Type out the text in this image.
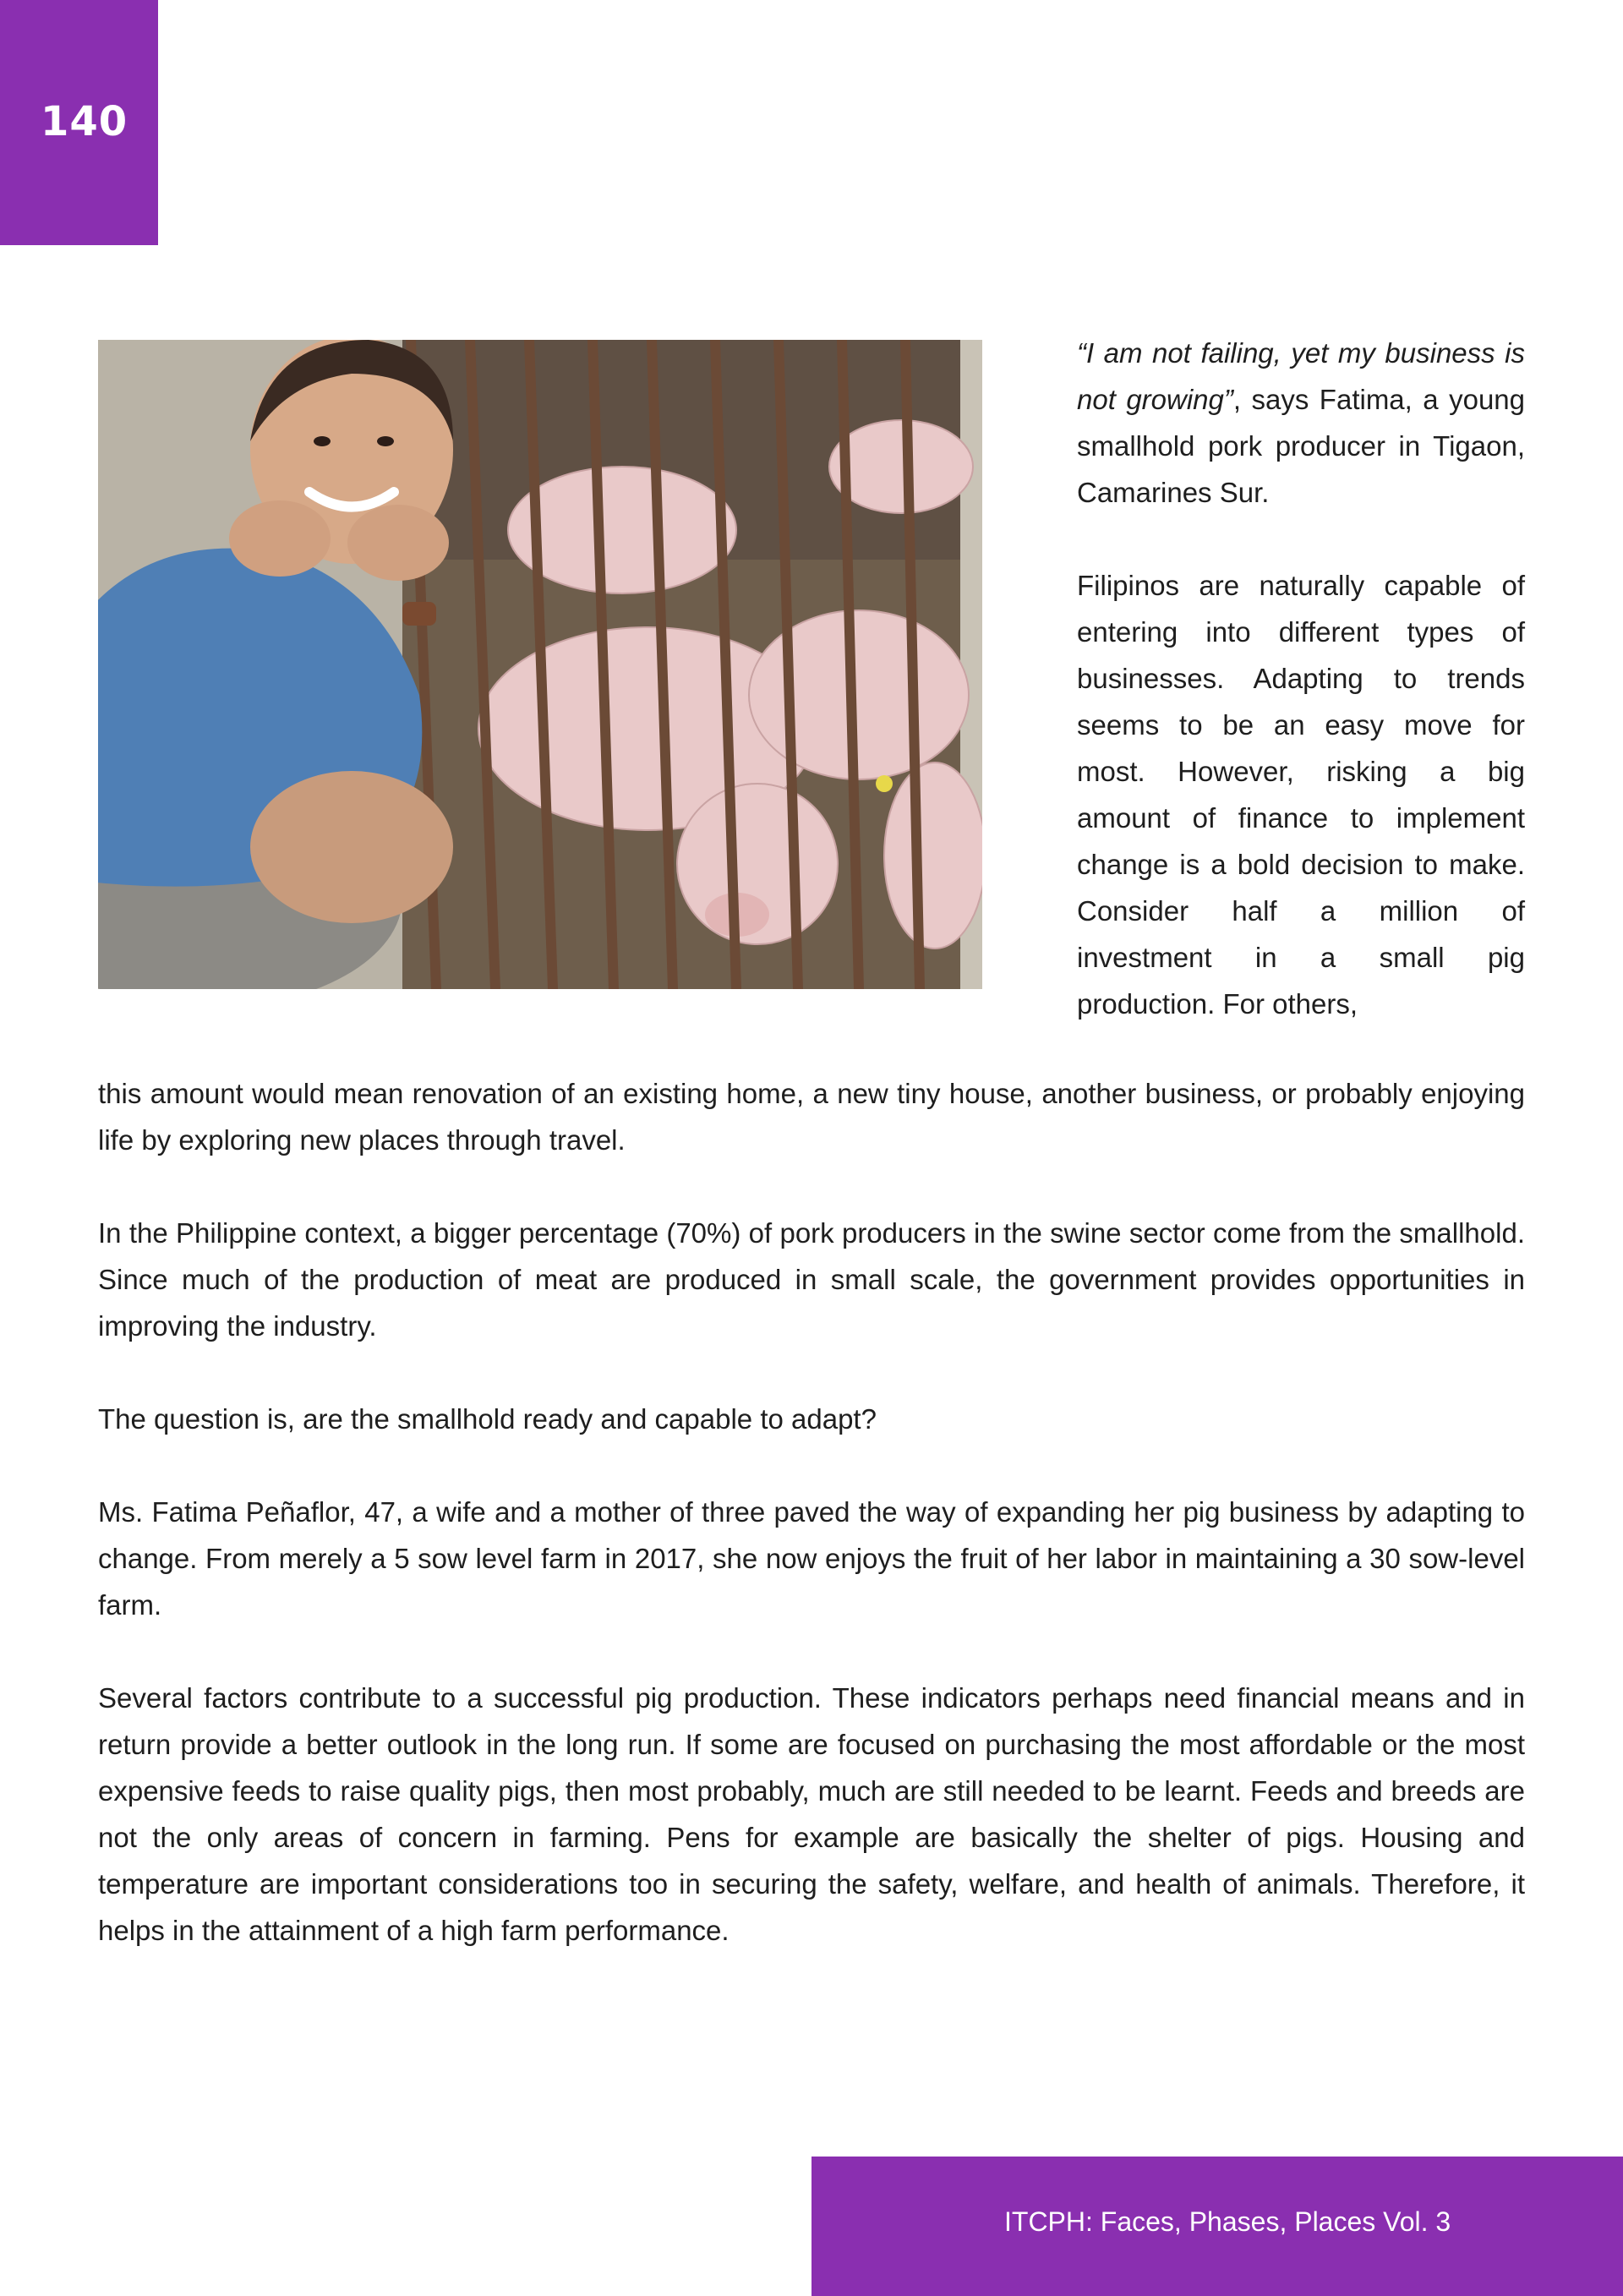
140

“I am not failing, yet my business is not growing”, says Fatima, a young smallhold pork producer in Tigaon, Camarines Sur.

Filipinos are naturally capable of entering into different types of businesses. Adapting to trends seems to be an easy move for most. However, risking a big amount of finance to implement change is a bold decision to make. Consider half a million of investment in a small pig production. For others,

this amount would mean renovation of an existing home, a new tiny house, another business, or probably enjoying life by exploring new places through travel.

In the Philippine context, a bigger percentage (70%) of pork producers in the swine sector come from the smallhold. Since much of the production of meat are produced in small scale, the government provides opportunities in improving the industry.

The question is, are the smallhold ready and capable to adapt?

Ms. Fatima Peñaflor, 47, a wife and a mother of three paved the way of expanding her pig business by adapting to change. From merely a 5 sow level farm in 2017, she now enjoys the fruit of her labor in maintaining a 30 sow-level farm.

Several factors contribute to a successful pig production. These indicators perhaps need financial means and in return provide a better outlook in the long run. If some are focused on purchasing the most affordable or the most expensive feeds to raise quality pigs, then most probably, much are still needed to be learnt. Feeds and breeds are not the only areas of concern in farming. Pens for example are basically the shelter of pigs. Housing and temperature are important considerations too in securing the safety, welfare, and health of animals. Therefore, it helps in the attainment of a high farm performance.

ITCPH: Faces, Phases, Places Vol. 3
